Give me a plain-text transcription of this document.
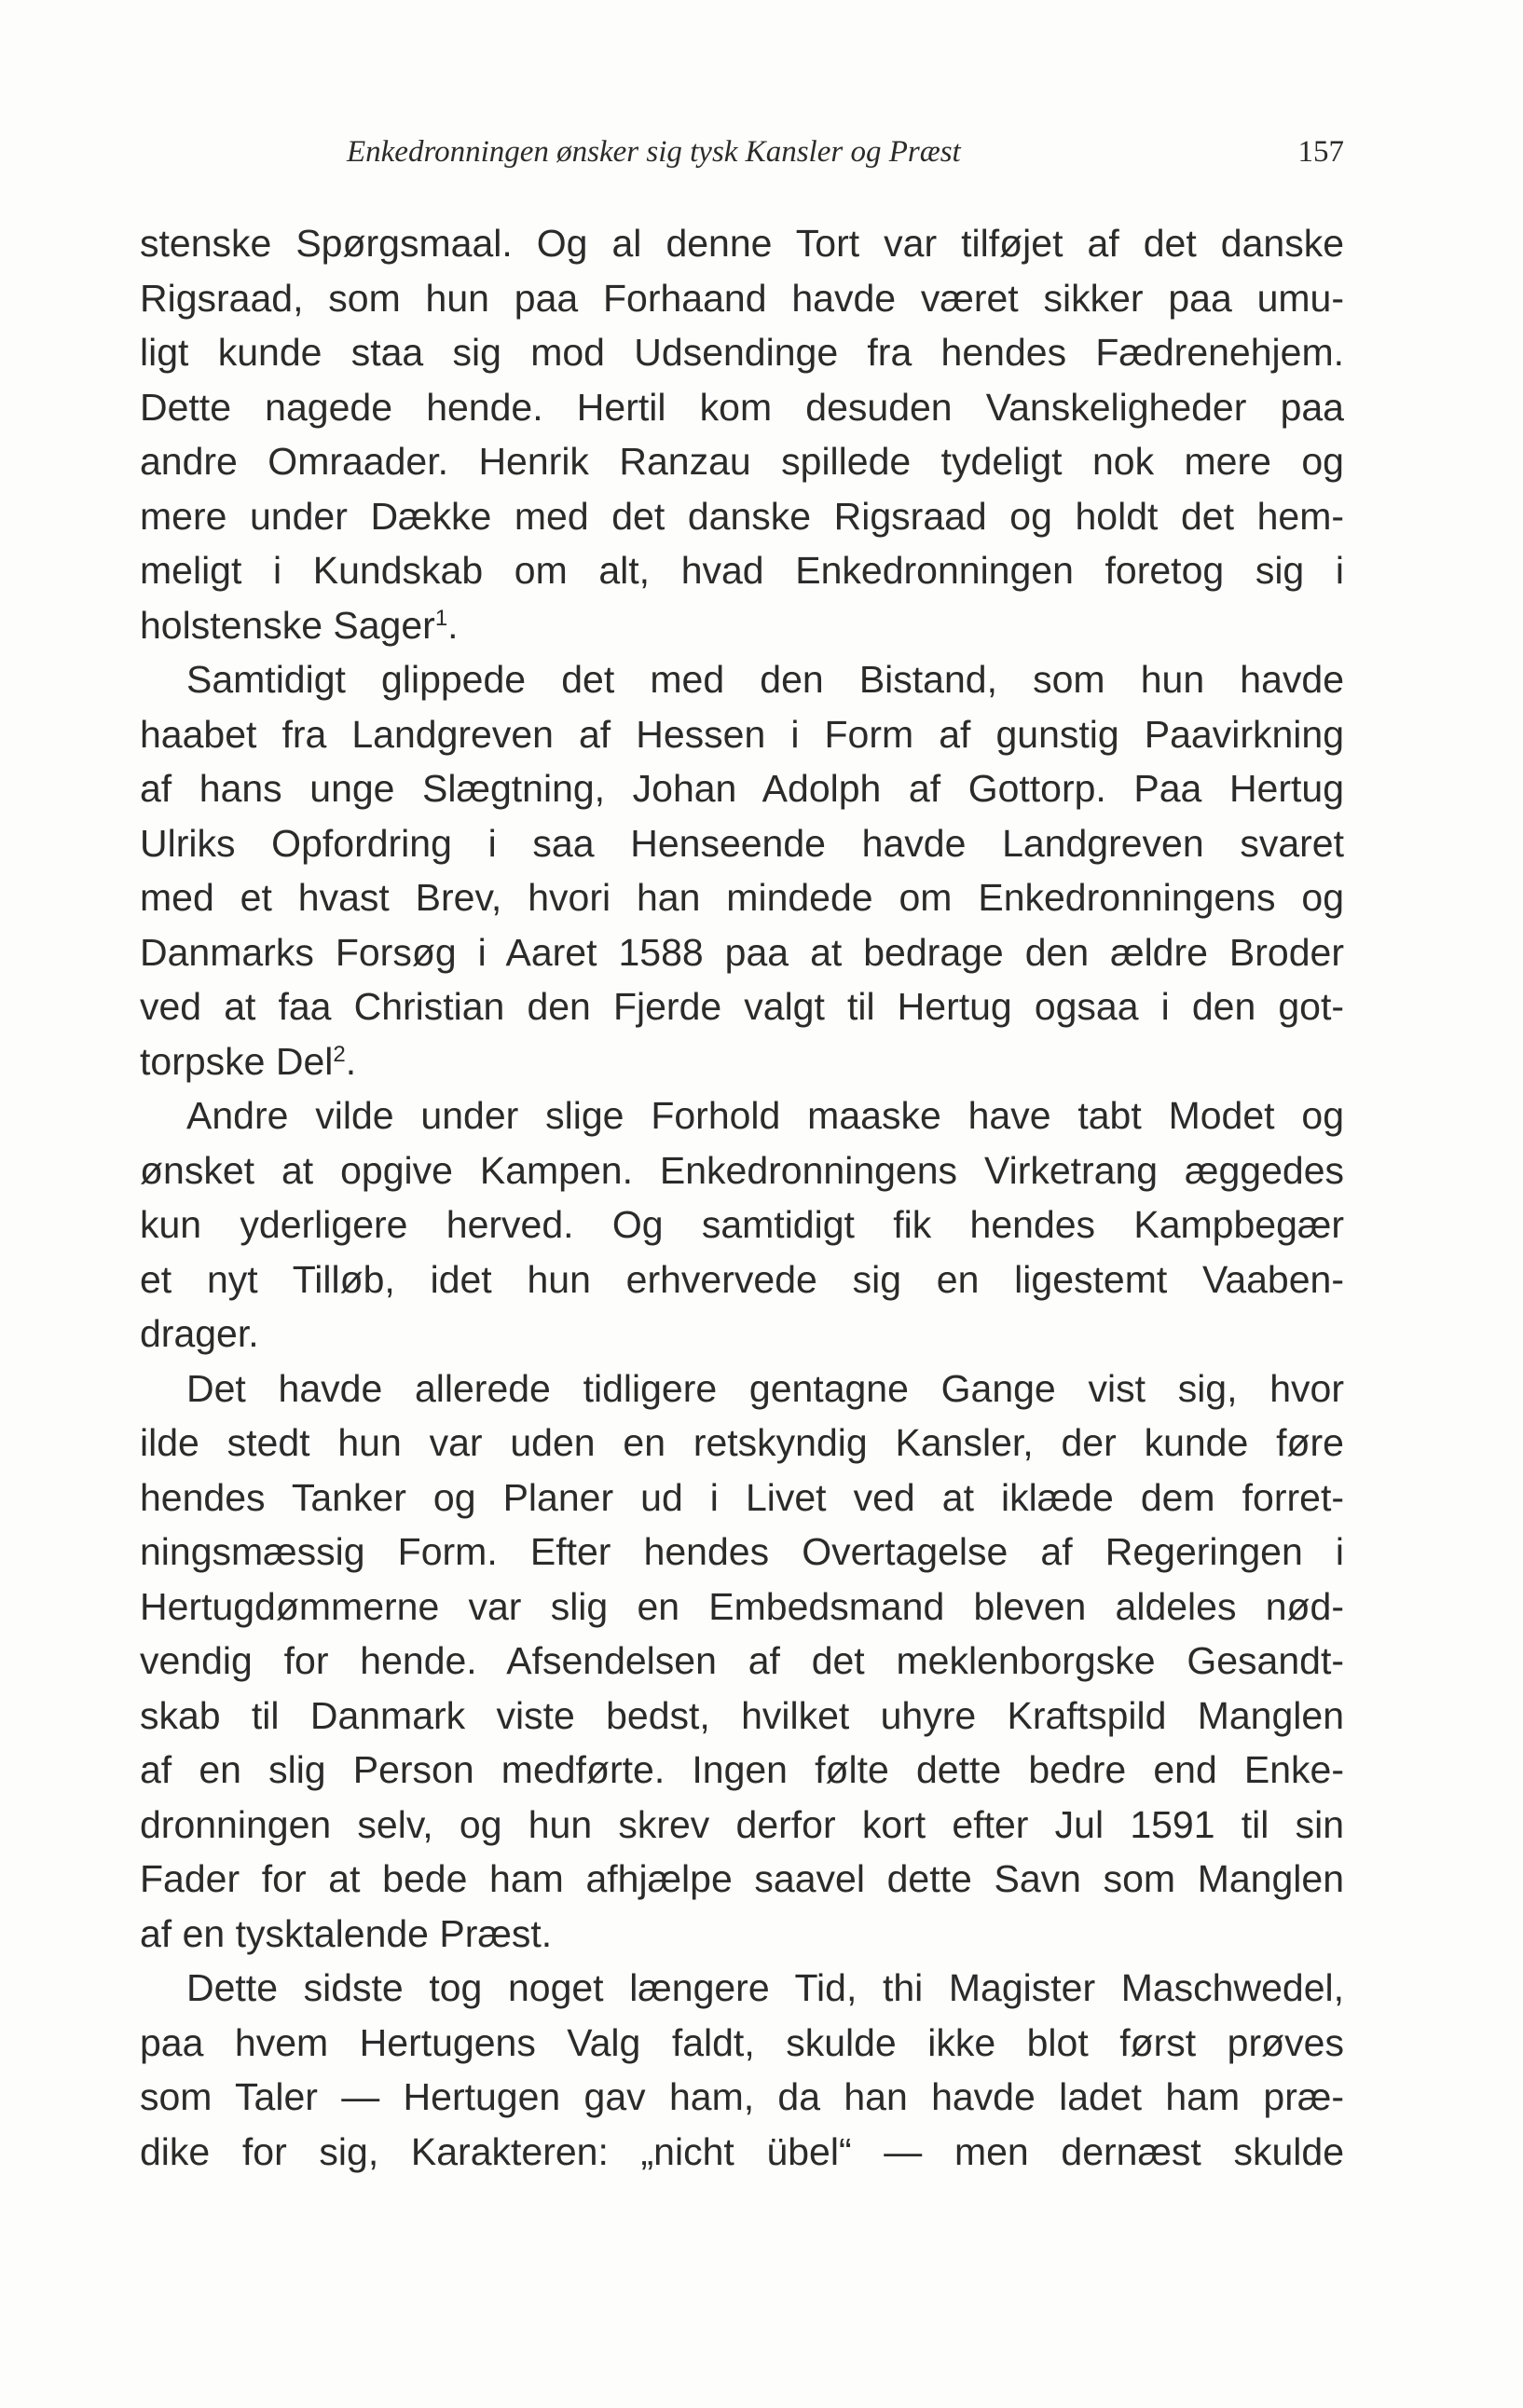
Enkedronningen ønsker sig tysk Kansler og Præst	157
stenske Spørgsmaal. Og al denne Tort var tilføjet af det danske
Rigsraad, som hun paa Forhaand havde været sikker paa umu-
ligt kunde staa sig mod Udsendinge fra hendes Fædrenehjem.
Dette nagede hende. Hertil kom desuden Vanskeligheder paa
andre Omraader. Henrik Ranzau spillede tydeligt nok mere og
mere under Dække med det danske Rigsraad og holdt det hem-
meligt i Kundskab om alt, hvad Enkedronningen foretog sig i
holstenske Sager$^1$.
Samtidigt glippede det med den Bistand, som hun havde
haabet fra Landgreven af Hessen i Form af gunstig Paavirkning
af hans unge Slægtning, Johan Adolph af Gottorp. Paa Hertug
Ulriks Opfordring i saa Henseende havde Landgreven svaret
med et hvast Brev, hvori han mindede om Enkedronningens og
Danmarks Forsøg i Aaret 1588 paa at bedrage den ældre Broder
ved at faa Christian den Fjerde valgt til Hertug ogsaa i den got-
torpske Del$^2$.
Andre vilde under slige Forhold maaske have tabt Modet og
ønsket at opgive Kampen. Enkedronningens Virketrang æggedes
kun yderligere herved. Og samtidigt fik hendes Kampbegær
et nyt Tilløb, idet hun erhvervede sig en ligestemt Vaaben-
drager.
Det havde allerede tidligere gentagne Gange vist sig, hvor
ilde stedt hun var uden en retskyndig Kansler, der kunde føre
hendes Tanker og Planer ud i Livet ved at iklæde dem forret-
ningsmæssig Form. Efter hendes Overtagelse af Regeringen i
Hertugdømmerne var slig en Embedsmand bleven aldeles nød-
vendig for hende. Afsendelsen af det meklenborgske Gesandt-
skab til Danmark viste bedst, hvilket uhyre Kraftspild Manglen
af en slig Person medførte. Ingen følte dette bedre end Enke-
dronningen selv, og hun skrev derfor kort efter Jul 1591 til sin
Fader for at bede ham afhjælpe saavel dette Savn som Manglen
af en tysktalende Præst.
Dette sidste tog noget længere Tid, thi Magister Maschwedel,
paa hvem Hertugens Valg faldt, skulde ikke blot først prøves
som Taler — Hertugen gav ham, da han havde ladet ham præ-
dike for sig, Karakteren: „nicht übel“ — men dernæst skulde
